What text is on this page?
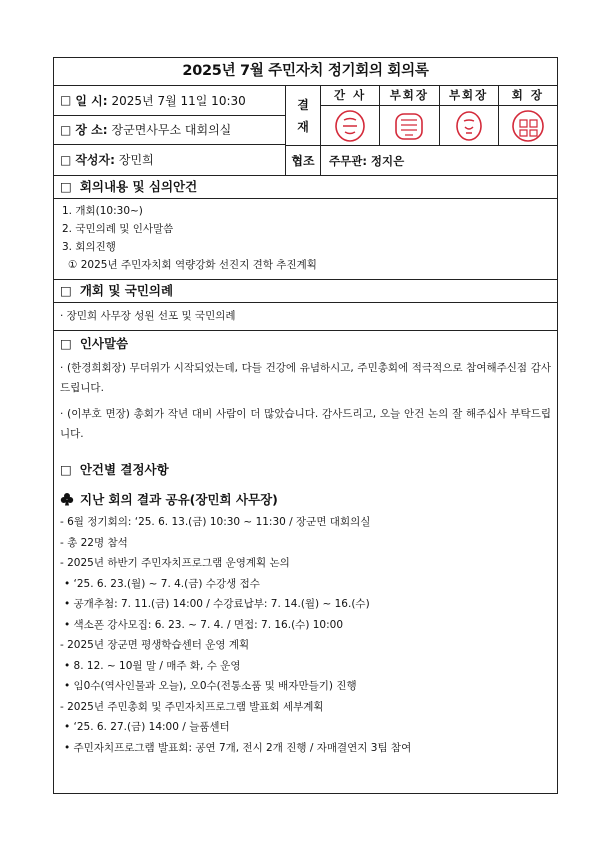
2025년 7월 주민자치 정기회의 회의록
□ 일 시: 2025년 7월 11일 10:30
□ 장 소: 장군면사무소 대회의실
□ 작성자: 장민희
결
재
간 사	부회장	부회장	회 장
협조	주무관: 정지은
□ 회의내용 및 심의안건
1. 개회(10:30~)
2. 국민의례 및 인사말씀
3. 회의진행
① 2025년 주민자치회 역량강화 선진지 견학 추진계획
□ 개회 및 국민의례
· 장민희 사무장 성원 선포 및 국민의례
□ 인사말씀
· (한경희회장) 무더위가 시작되었는데, 다들 건강에 유념하시고, 주민총회에 적극적으로 참여해주신점 감사드립니다.
· (이부호 면장) 총회가 작년 대비 사람이 더 많았습니다. 감사드리고, 오늘 안건 논의 잘 해주십사 부탁드립니다.
□ 안건별 결정사항
지난 회의 결과 공유(장민희 사무장)
- 6월 정기회의: ‘25. 6. 13.(금) 10:30 ~ 11:30 / 장군면 대회의실
- 총 22명 참석
- 2025년 하반기 주민자치프로그램 운영계획 논의
• ‘25. 6. 23.(월) ~ 7. 4.(금) 수강생 접수
• 공개추첨: 7. 11.(금) 14:00 / 수강료납부: 7. 14.(월) ~ 16.(수)
• 색소폰 강사모집: 6. 23. ~ 7. 4. / 면접: 7. 16.(수) 10:00
- 2025년 장군면 평생학습센터 운영 계획
• 8. 12. ~ 10월 말 / 매주 화, 수 운영
• 임0수(역사인물과 오늘), 오0수(전통소품 및 배자만들기) 진행
- 2025년 주민총회 및 주민자치프로그램 발표회 세부계획
• ‘25. 6. 27.(금) 14:00 / 늘품센터
• 주민자치프로그램 발표회: 공연 7개, 전시 2개 진행 / 자매결연지 3팀 참여
